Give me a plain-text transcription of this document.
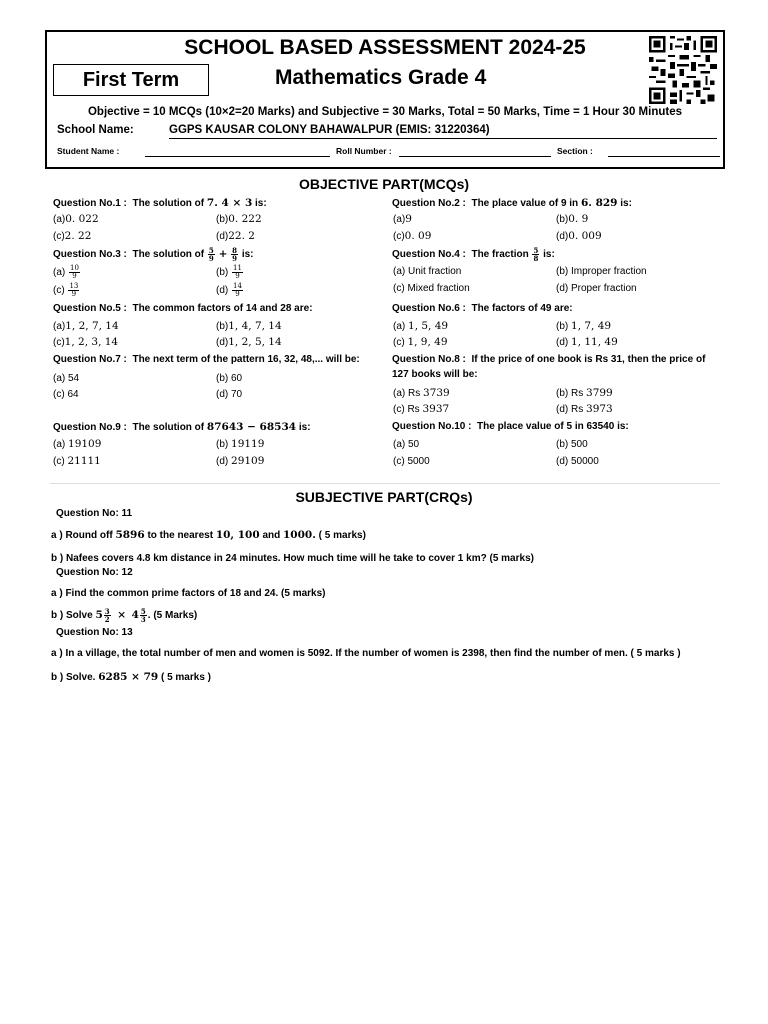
SCHOOL BASED ASSESSMENT 2024-25
First Term	Mathematics Grade 4
Objective = 10 MCQs (10×2=20 Marks) and Subjective = 30 Marks, Total = 50 Marks, Time = 1 Hour 30 Minutes
School Name:	GGPS KAUSAR COLONY BAHAWALPUR (EMIS: 31220364)
Student Name :	Roll Number :	Section :
OBJECTIVE PART(MCQs)
Question No.1 : The solution of 7. 4 × 3 is:
(a)0. 022	(b)0. 222
(c)2. 22	(d)22. 2
Question No.2 : The place value of 9 in 6. 829 is:
(a)9	(b)0. 9
(c)0. 09	(d)0. 009
Question No.3 : The solution of $\frac{5}{9} + \frac{8}{9}$ is:
$(a) \frac{10}{9}$	$(b) \frac{11}{9}$
$(c) \frac{13}{9}$	$(d) \frac{14}{9}$
Question No.4 : The fraction $\frac{5}{8}$ is:
(a) Unit fraction	(b) Improper fraction
(c) Mixed fraction	(d) Proper fraction
Question No.5 : The common factors of 14 and 28 are:
(a)1, 2, 7, 14	(b)1, 4, 7, 14
(c)1, 2, 3, 14	(d)1, 2, 5, 14
Question No.6 : The factors of 49 are:
(a) 1, 5, 49	(b) 1, 7, 49
(c) 1, 9, 49	(d) 1, 11, 49
Question No.7 : The next term of the pattern 16, 32, 48,... will be:
(a) 54	(b) 60
(c) 64	(d) 70
Question No.8 : If the price of one book is Rs 31, then the price of
127 books will be:
(a) Rs 3739	(b) Rs 3799
(c) Rs 3937	(d) Rs 3973
Question No.9 : The solution of 87643 − 68534 is:
(a) 19109	(b) 19119
(c) 21111	(d) 29109
Question No.10 : The place value of 5 in 63540 is:
(a) 50	(b) 500
(c) 5000	(d) 50000
SUBJECTIVE PART(CRQs)
Question No: 11
a ) Round off 5896 to the nearest 10, 100 and 1000. ( 5 marks)
b ) Nafees covers 4.8 km distance in 24 minutes. How much time will he take to cover 1 km? (5 marks)
Question No: 12
a ) Find the common prime factors of 18 and 24. (5 marks)
b ) Solve $5 \frac{3}{2} \times 4 \frac{5}{3}$ . (5 Marks)
Question No: 13
a ) In a village, the total number of men and women is 5092. If the number of women is 2398, then find the number of men. ( 5 marks )
b ) Solve. 6285 × 79 ( 5 marks )
